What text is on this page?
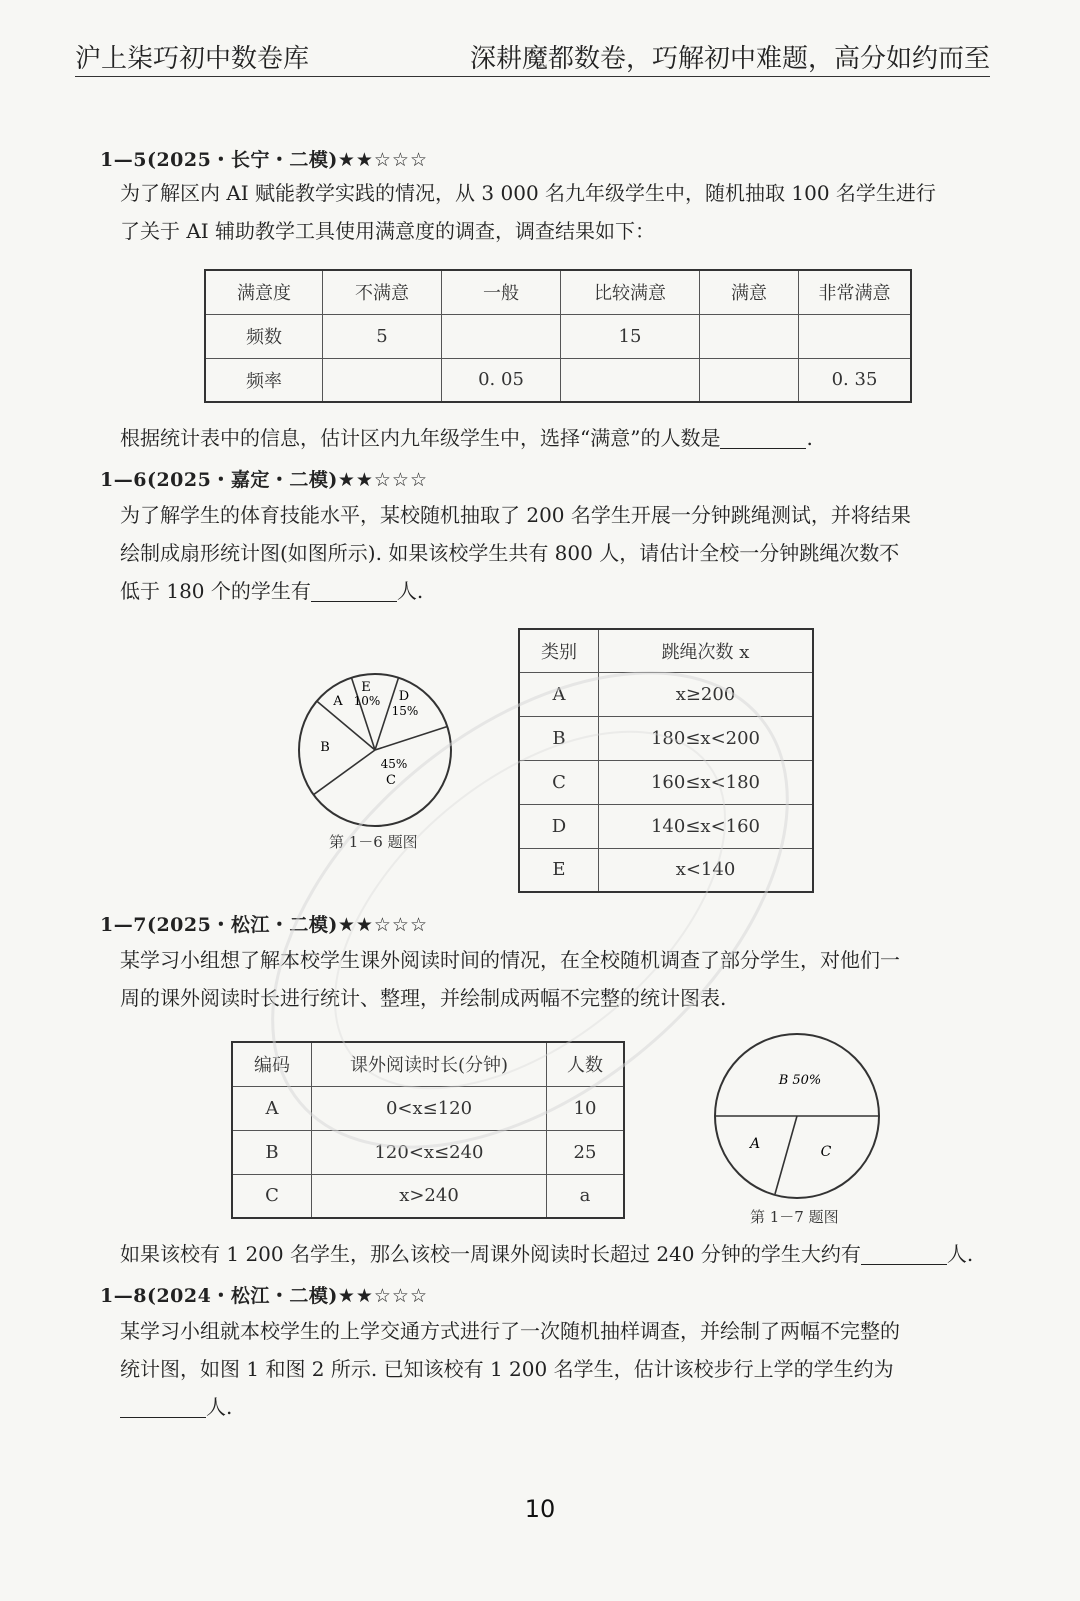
沪上柒巧初中数卷库	深耕魔都数卷，巧解初中难题，高分如约而至
1—5(2025・长宁・二模)★★☆☆☆
为了解区内 AI 赋能教学实践的情况，从 3 000 名九年级学生中，随机抽取 100 名学生进行
了关于 AI 辅助教学工具使用满意度的调查，调查结果如下：
满意度	不满意	一般	比较满意	满意	非常满意
频数	5		15		
频率		0. 05			0. 35
根据统计表中的信息，估计区内九年级学生中，选择“满意”的人数是	.
1—6(2025・嘉定・二模)★★☆☆☆
为了解学生的体育技能水平，某校随机抽取了 200 名学生开展一分钟跳绳测试，并将结果
绘制成扇形统计图(如图所示). 如果该校学生共有 800 人，请估计全校一分钟跳绳次数不
低于 180 个的学生有	人.
A
E
10% D
15%
B
45%
C
第 1－6 题图
类别	跳绳次数 x
A	x≥200
B	180≤x<200
C	160≤x<180
D	140≤x<160
E	x<140
1—7(2025・松江・二模)★★☆☆☆
某学习小组想了解本校学生课外阅读时间的情况，在全校随机调查了部分学生，对他们一
周的课外阅读时长进行统计、整理，并绘制成两幅不完整的统计图表.
编码	课外阅读时长(分钟)	人数
A	0<x≤120	10
B	120<x≤240	25
C	x>240	a
B 50%
A	C
第 1－7 题图
如果该校有 1 200 名学生，那么该校一周课外阅读时长超过 240 分钟的学生大约有	人.
1—8(2024・松江・二模)★★☆☆☆
某学习小组就本校学生的上学交通方式进行了一次随机抽样调查，并绘制了两幅不完整的
统计图，如图 1 和图 2 所示. 已知该校有 1 200 名学生，估计该校步行上学的学生约为
人.
10
